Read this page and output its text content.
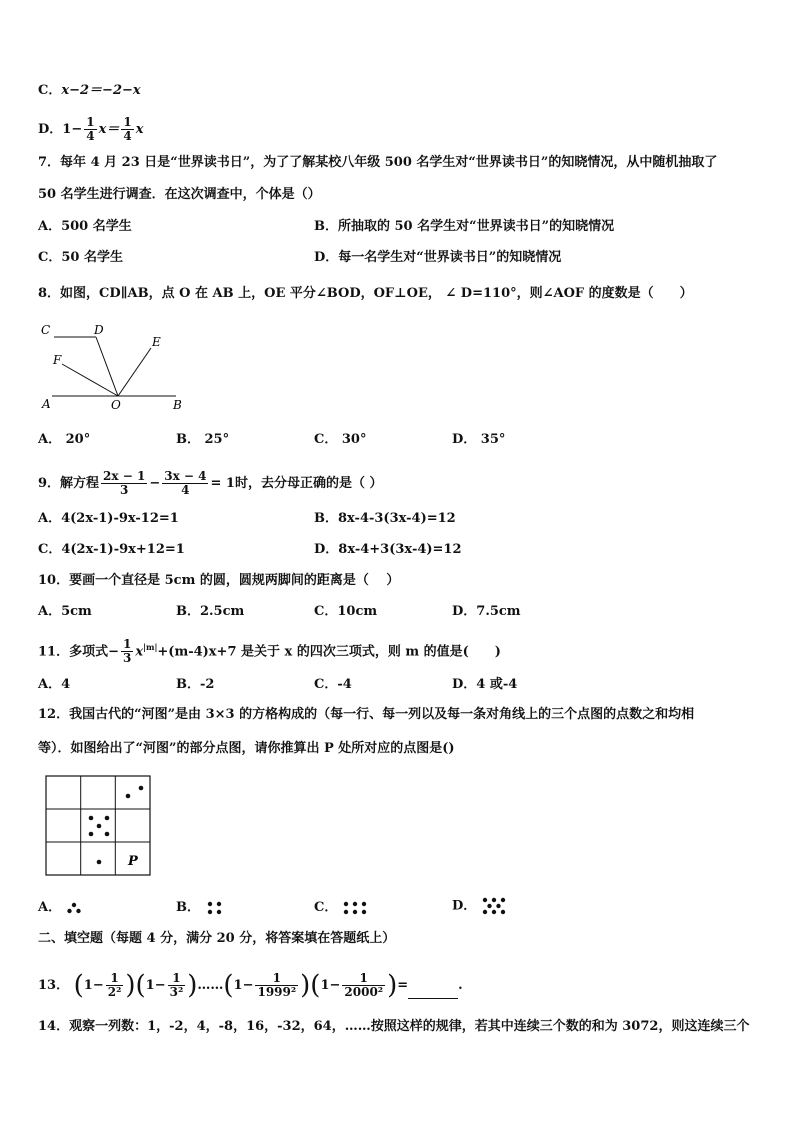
C．x−2＝−2−x
D．$1- \frac{1}{4} x= \frac{1}{4}$ x
7．每年 4 月 23 日是“世界读书日”，为了了解某校八年级 500 名学生对“世界读书日”的知晓情况，从中随机抽取了
50 名学生进行调查．在这次调查中，个体是（）
A．500 名学生	B．所抽取的 50 名学生对“世界读书日”的知晓情况
C．50 名学生	D．每一名学生对“世界读书日”的知晓情况
8．如图，CD∥AB，点 O 在 AB 上，OE 平分∠BOD，OF⊥OE， ∠ D=110°，则∠AOF 的度数是（　　）
C	D
E
F
A	O	B
A． 20°	B． 25°	C． 30°	D． 35°
9．解方程 $\frac{2x - 1}{3} - \frac{3x - 4}{4} = 1$时，去分母正确的是（ ）
A．4(2x-1)-9x-12=1	B．8x-4-3(3x-4)=12
C．4(2x-1)-9x+12=1	D．8x-4+3(3x-4)=12
10．要画一个直径是 5cm 的圆，圆规两脚间的距离是（　 ）
A．5cm	B．2.5cm	C．10cm	D．7.5cm
11．多项式− $\frac{1}{3} x^{|m|}+(m-4)x+7$ 是关于 x 的四次三项式，则 m 的值是(　　)
A．4	B．-2	C．-4	D．4 或-4
12．我国古代的“河图”是由 3×3 的方格构成的（每一行、每一列以及每一条对角线上的三个点图的点数之和均相
等）．如图给出了“河图”的部分点图，请你推算出 P 处所对应的点图是()
P
A．	B．	C．	D．
二、填空题（每题 4 分，满分 20 分，将答案填在答题纸上）
13． $(1- \frac{1}{\text{2²}} )(1- \frac{1}{\text{3²}}$ )……(1− $\frac{1}{\text{1999²}} )(1- \frac{1}{\text{2000²}}$ )=	.
14．观察一列数：1，-2，4，-8，16，-32，64，……按照这样的规律，若其中连续三个数的和为 3072，则这连续三个
